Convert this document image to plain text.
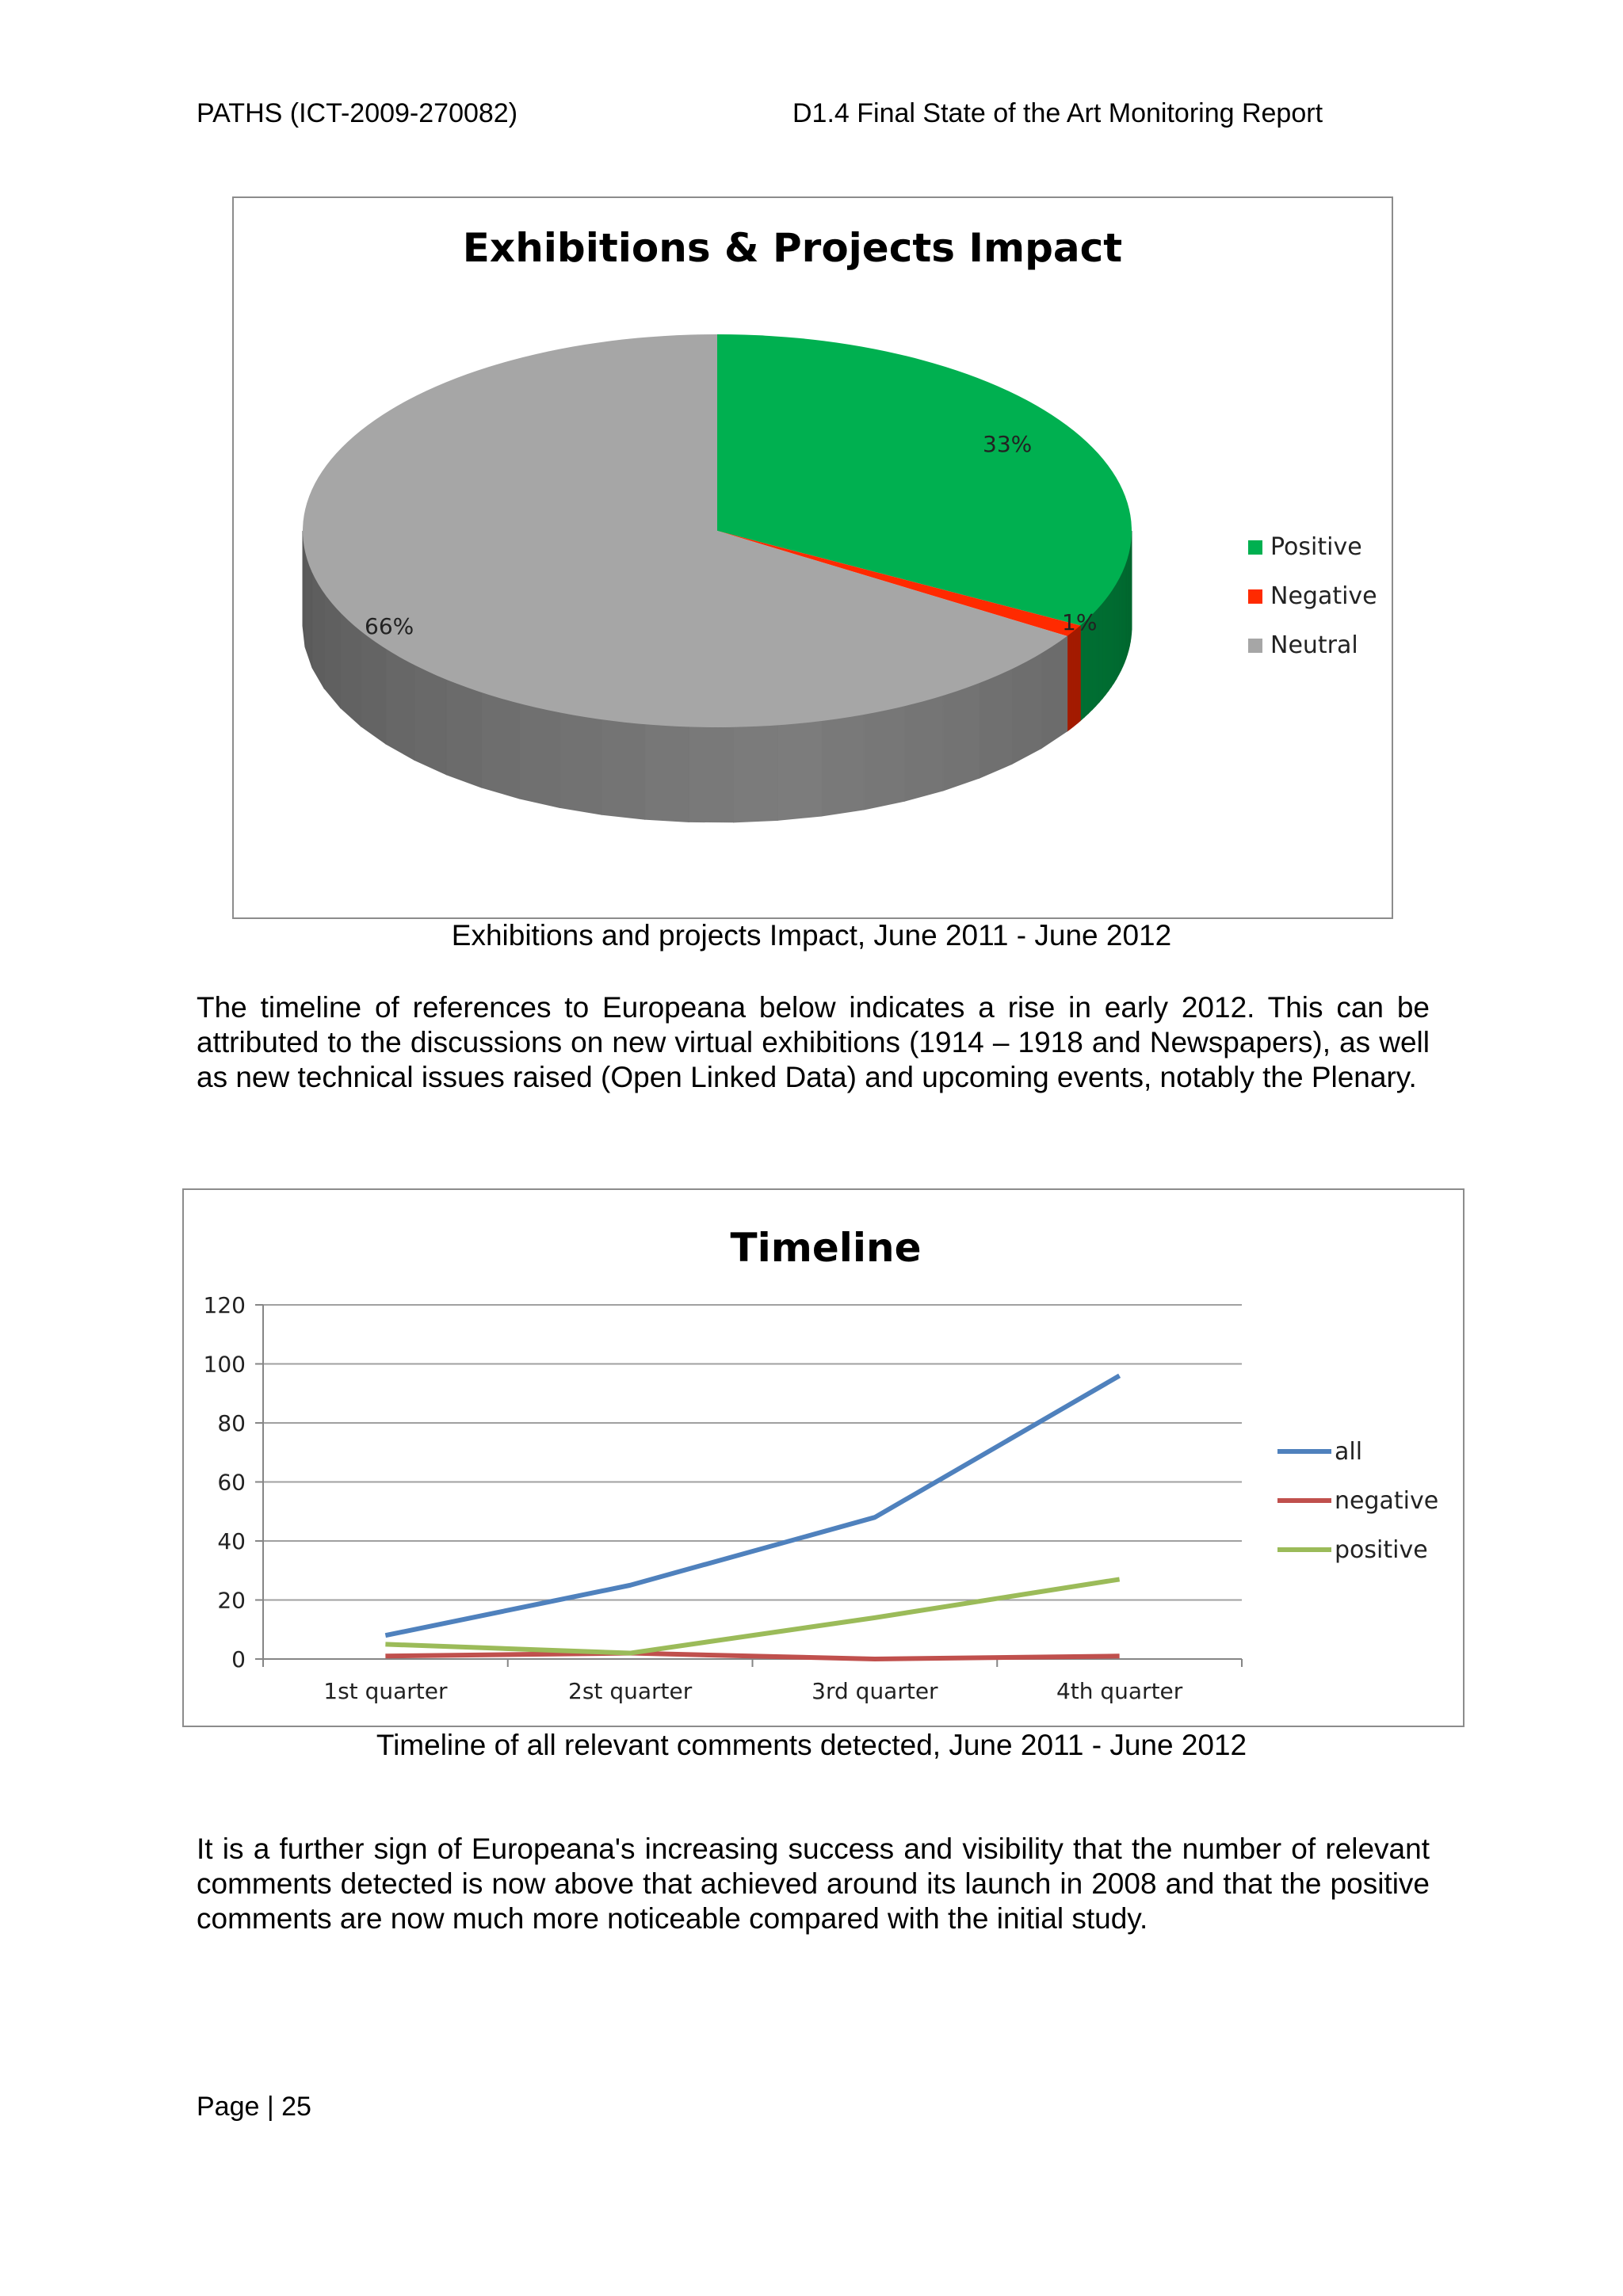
PATHS (ICT-2009-270082)	D1.4 Final State of the Art Monitoring Report
Exhibitions & Projects Impact
33%
1%
66%
Positive
Negative
Neutral
Exhibitions and projects Impact, June 2011 - June 2012

The timeline of references to Europeana below indicates a rise in early 2012. This can be attributed to the discussions on new virtual exhibitions (1914 – 1918 and Newspapers), as well as new technical issues raised (Open Linked Data) and upcoming events, notably the Plenary.

Timeline
0
20
40
60
80
100
120
1st quarter	2st quarter	3rd quarter	4th quarter
all
negative
positive
Timeline of all relevant comments detected, June 2011 - June 2012

It is a further sign of Europeana's increasing success and visibility that the number of relevant comments detected is now above that achieved around its launch in 2008 and that the positive comments are now much more noticeable compared with the initial study.

Page | 25
